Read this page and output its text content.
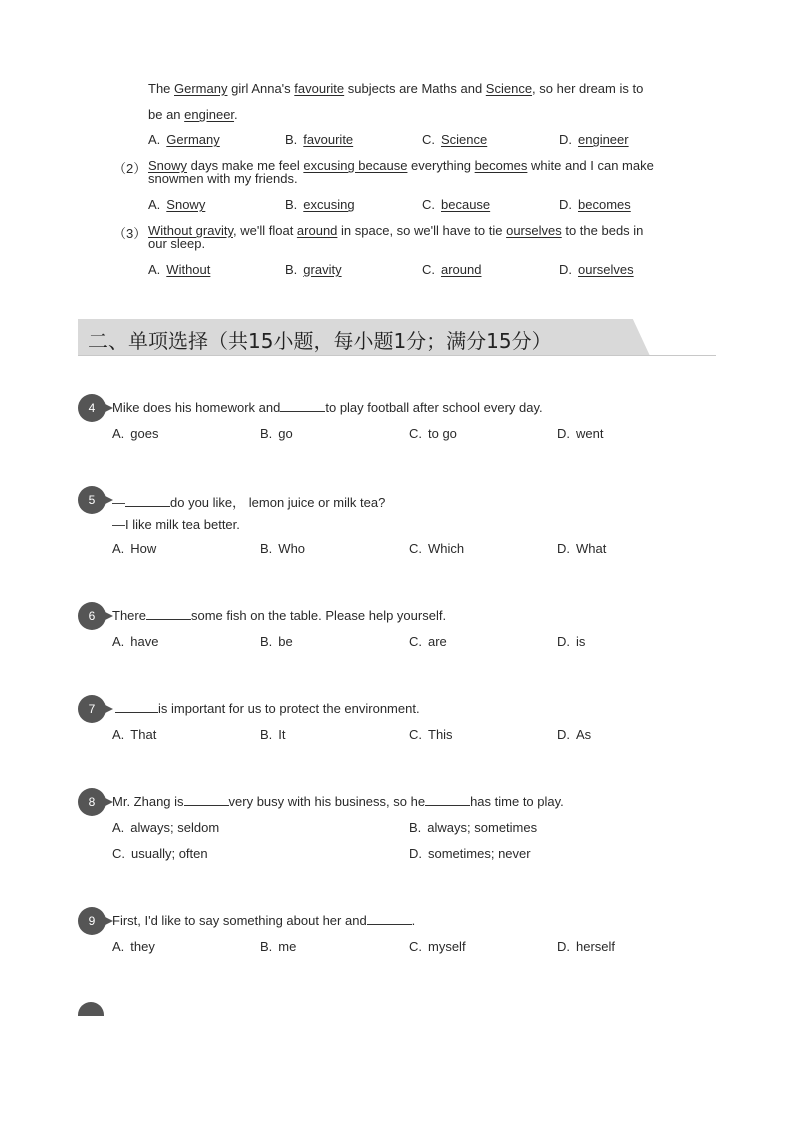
The Germany girl Anna's favourite subjects are Maths and Science, so her dream is to
be an engineer.
A. Germany	B. favourite	C. Science	D. engineer
（2） Snowy days make me feel excusing because everything becomes white and I can make
snowmen with my friends.
A. Snowy	B. excusing	C. because	D. becomes
（3） Without gravity, we'll float around in space, so we'll have to tie ourselves to the beds in
our sleep.
A. Without	B. gravity	C. around	D. ourselves
二、单项选择（共15小题，每小题1分；满分15分）
4	Mike does his homework and	to play football after school every day.
A. goes	B. go	C. to go	D. went
5	—	do you like， lemon juice or milk tea?
—I like milk tea better.
A. How	B. Who	C. Which	D. What
6	There	some fish on the table. Please help yourself.
A. have	B. be	C. are	D. is
7	is important for us to protect the environment.
A. That	B. It	C. This	D. As
8	Mr. Zhang is	very busy with his business, so he	has time to play.
A. always; seldom	B. always; sometimes
C. usually; often	D. sometimes; never
9	First, I'd like to say something about her and	.
A. they	B. me	C. myself	D. herself
